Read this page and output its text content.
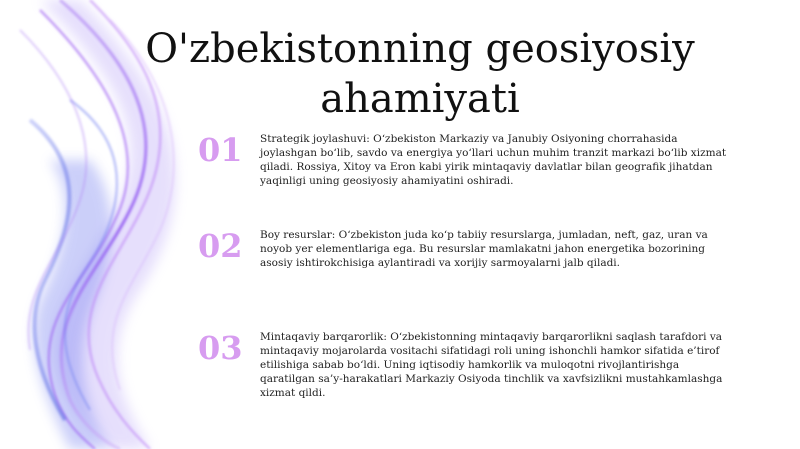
O'zbekistonning geosiyosiy ahamiyati
01 Strategik joylashuvi: O‘zbekiston Markaziy va Janubiy Osiyoning chorrahasida joylashgan bo‘lib, savdo va energiya yo‘llari uchun muhim tranzit markazi bo‘lib xizmat qiladi. Rossiya, Xitoy va Eron kabi yirik mintaqaviy davlatlar bilan geografik jihatdan yaqinligi uning geosiyosiy ahamiyatini oshiradi.

02 Boy resurslar: O‘zbekiston juda ko‘p tabiiy resurslarga, jumladan, neft, gaz, uran va noyob yer elementlariga ega. Bu resurslar mamlakatni jahon energetika bozorining asosiy ishtirokchisiga aylantiradi va xorijiy sarmoyalarni jalb qiladi.

03 Mintaqaviy barqarorlik: O‘zbekistonning mintaqaviy barqarorlikni saqlash tarafdori va mintaqaviy mojarolarda vositachi sifatidagi roli uning ishonchli hamkor sifatida e’tirof etilishiga sabab bo‘ldi. Uning iqtisodiy hamkorlik va muloqotni rivojlantirishga qaratilgan sa’y-harakatlari Markaziy Osiyoda tinchlik va xavfsizlikni mustahkamlashga xizmat qildi.
